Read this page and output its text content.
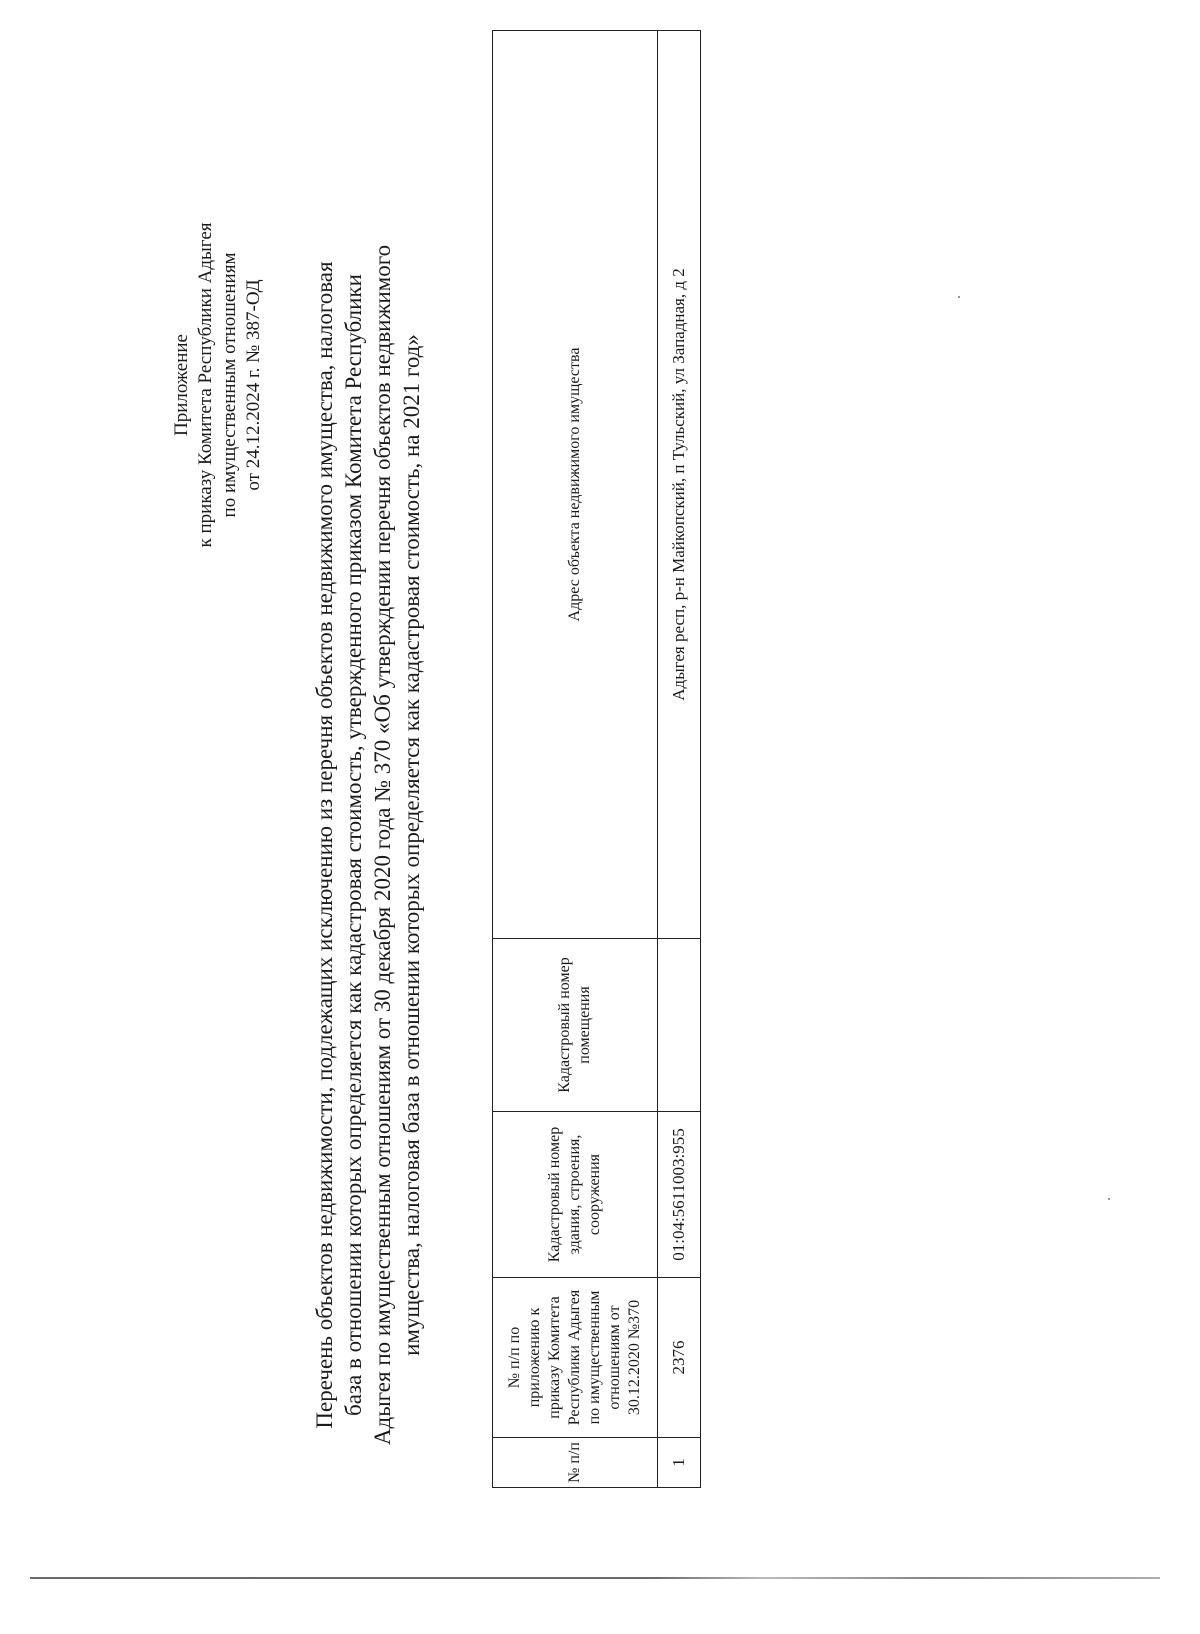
Приложение к приказу Комитета Республики Адыгея по имущественным отношениям от 24.12.2024 г. № 387-ОД Перечень объектов недвижимости, подлежащих исключению из перечня объектов недвижимого имущества, налоговая база в отношении которых определяется как кадастровая стоимость, утвержденного приказом Комитета Республики Адыгея по имущественным отношениям от 30 декабря 2020 года № 370 «Об утверждении перечня объектов недвижимого имущества, налоговая база в отношении которых определяется как кадастровая стоимость, на 2021 год»
№ п/п	№ п/п по приложению к приказу Комитета Республики Адыгея по имущественным отношениям от 30.12.2020 №370	Кадастровый номер здания, строения, сооружения	Кадастровый номер помещения	Адрес объекта недвижимого имущества
1	2376	01:04:5611003:955		Адыгея респ, р-н Майкопский, п Тульский, ул Западная, д 2
